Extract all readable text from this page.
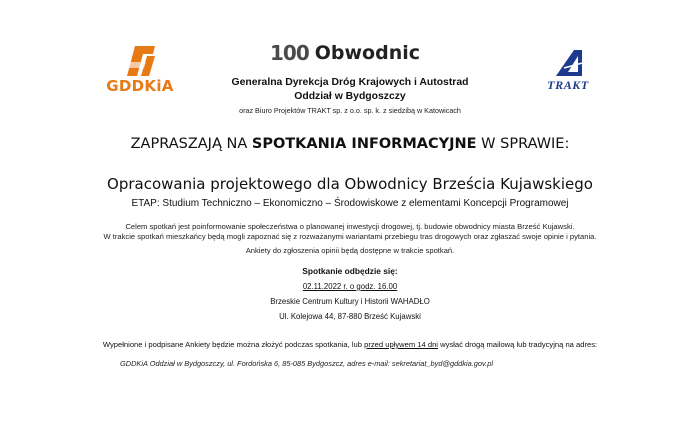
GDDKiA
100 Obwodnic
Generalna Dyrekcja Dróg Krajowych i Autostrad
Oddział w Bydgoszczy
oraz Biuro Projektów TRAKT sp. z o.o. sp. k. z siedzibą w Katowicach
TRAKT
ZAPRASZAJĄ NA SPOTKANIA INFORMACYJNE W SPRAWIE:
Opracowania projektowego dla Obwodnicy Brześcia Kujawskiego
ETAP: Studium Techniczno – Ekonomiczno – Środowiskowe z elementami Koncepcji Programowej
Celem spotkań jest poinformowanie społeczeństwa o planowanej inwestycji drogowej, tj. budowie obwodnicy miasta Brześć Kujawski.
W trakcie spotkań mieszkańcy będą mogli zapoznać się z rozważanymi wariantami przebiegu tras drogowych oraz zgłaszać swoje opinie i pytania.
Ankiety do zgłoszenia opinii będą dostępne w trakcie spotkań.
Spotkanie odbędzie się:
02.11.2022 r. o godz. 16.00
Brzeskie Centrum Kultury i Historii WAHADŁO
Ul. Kolejowa 44, 87-880 Brześć Kujawski
Wypełnione i podpisane Ankiety będzie można złożyć podczas spotkania, lub przed upływem 14 dni wysłać drogą mailową lub tradycyjną na adres:
GDDKiA Oddział w Bydgoszczy, ul. Fordońska 6, 85-085 Bydgoszcz, adres e-mail: sekretariat_byd@gddkia.gov.pl
